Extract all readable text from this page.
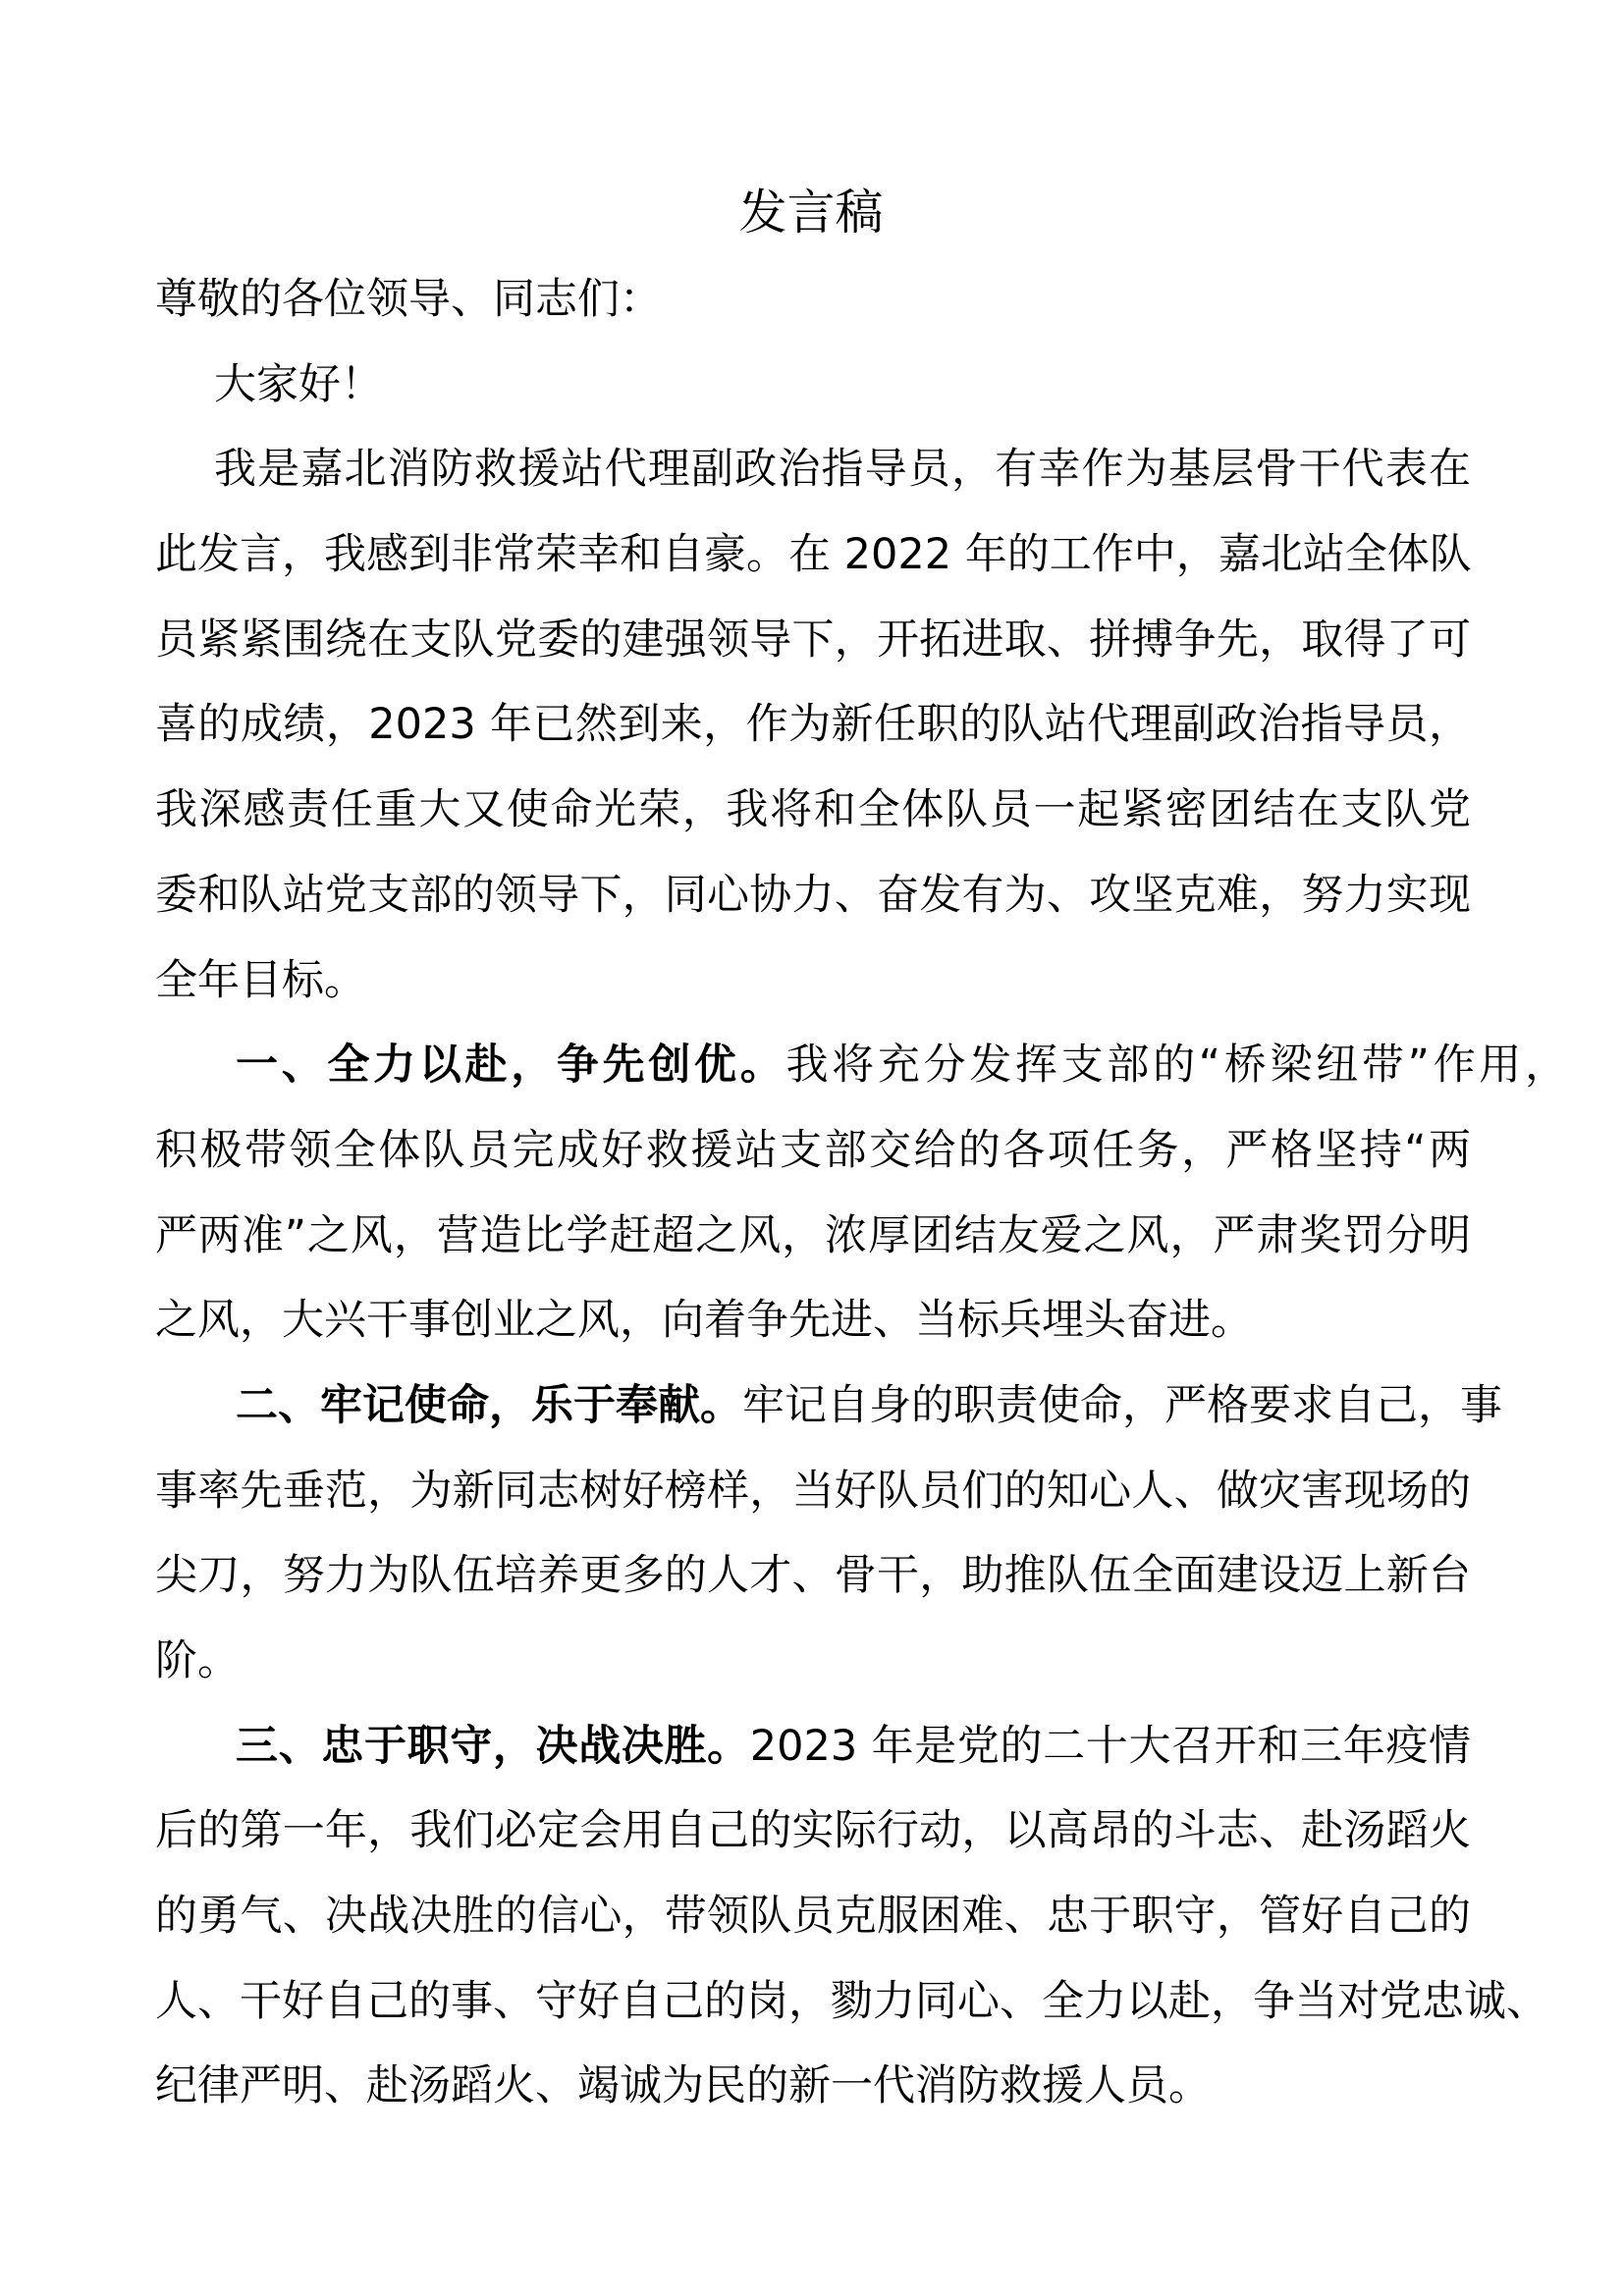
发言稿
尊敬的各位领导、同志们：
大家好！
我是嘉北消防救援站代理副政治指导员，有幸作为基层骨干代表在
此发言，我感到非常荣幸和自豪。在 2022 年的工作中，嘉北站全体队
员紧紧围绕在支队党委的建强领导下，开拓进取、拼搏争先，取得了可
喜的成绩，2023 年已然到来，作为新任职的队站代理副政治指导员，
我深感责任重大又使命光荣，我将和全体队员一起紧密团结在支队党
委和队站党支部的领导下，同心协力、奋发有为、攻坚克难，努力实现
全年目标。
一、全力以赴，争先创优。我将充分发挥支部的“桥梁纽带”作用，
积极带领全体队员完成好救援站支部交给的各项任务，严格坚持“两
严两准”之风，营造比学赶超之风，浓厚团结友爱之风，严肃奖罚分明
之风，大兴干事创业之风，向着争先进、当标兵埋头奋进。
二、牢记使命，乐于奉献。牢记自身的职责使命，严格要求自己，事
事率先垂范，为新同志树好榜样，当好队员们的知心人、做灾害现场的
尖刀，努力为队伍培养更多的人才、骨干，助推队伍全面建设迈上新台
阶。
三、忠于职守，决战决胜。2023 年是党的二十大召开和三年疫情
后的第一年，我们必定会用自己的实际行动，以高昂的斗志、赴汤蹈火
的勇气、决战决胜的信心，带领队员克服困难、忠于职守，管好自己的
人、干好自己的事、守好自己的岗，勠力同心、全力以赴，争当对党忠诚、
纪律严明、赴汤蹈火、竭诚为民的新一代消防救援人员。
